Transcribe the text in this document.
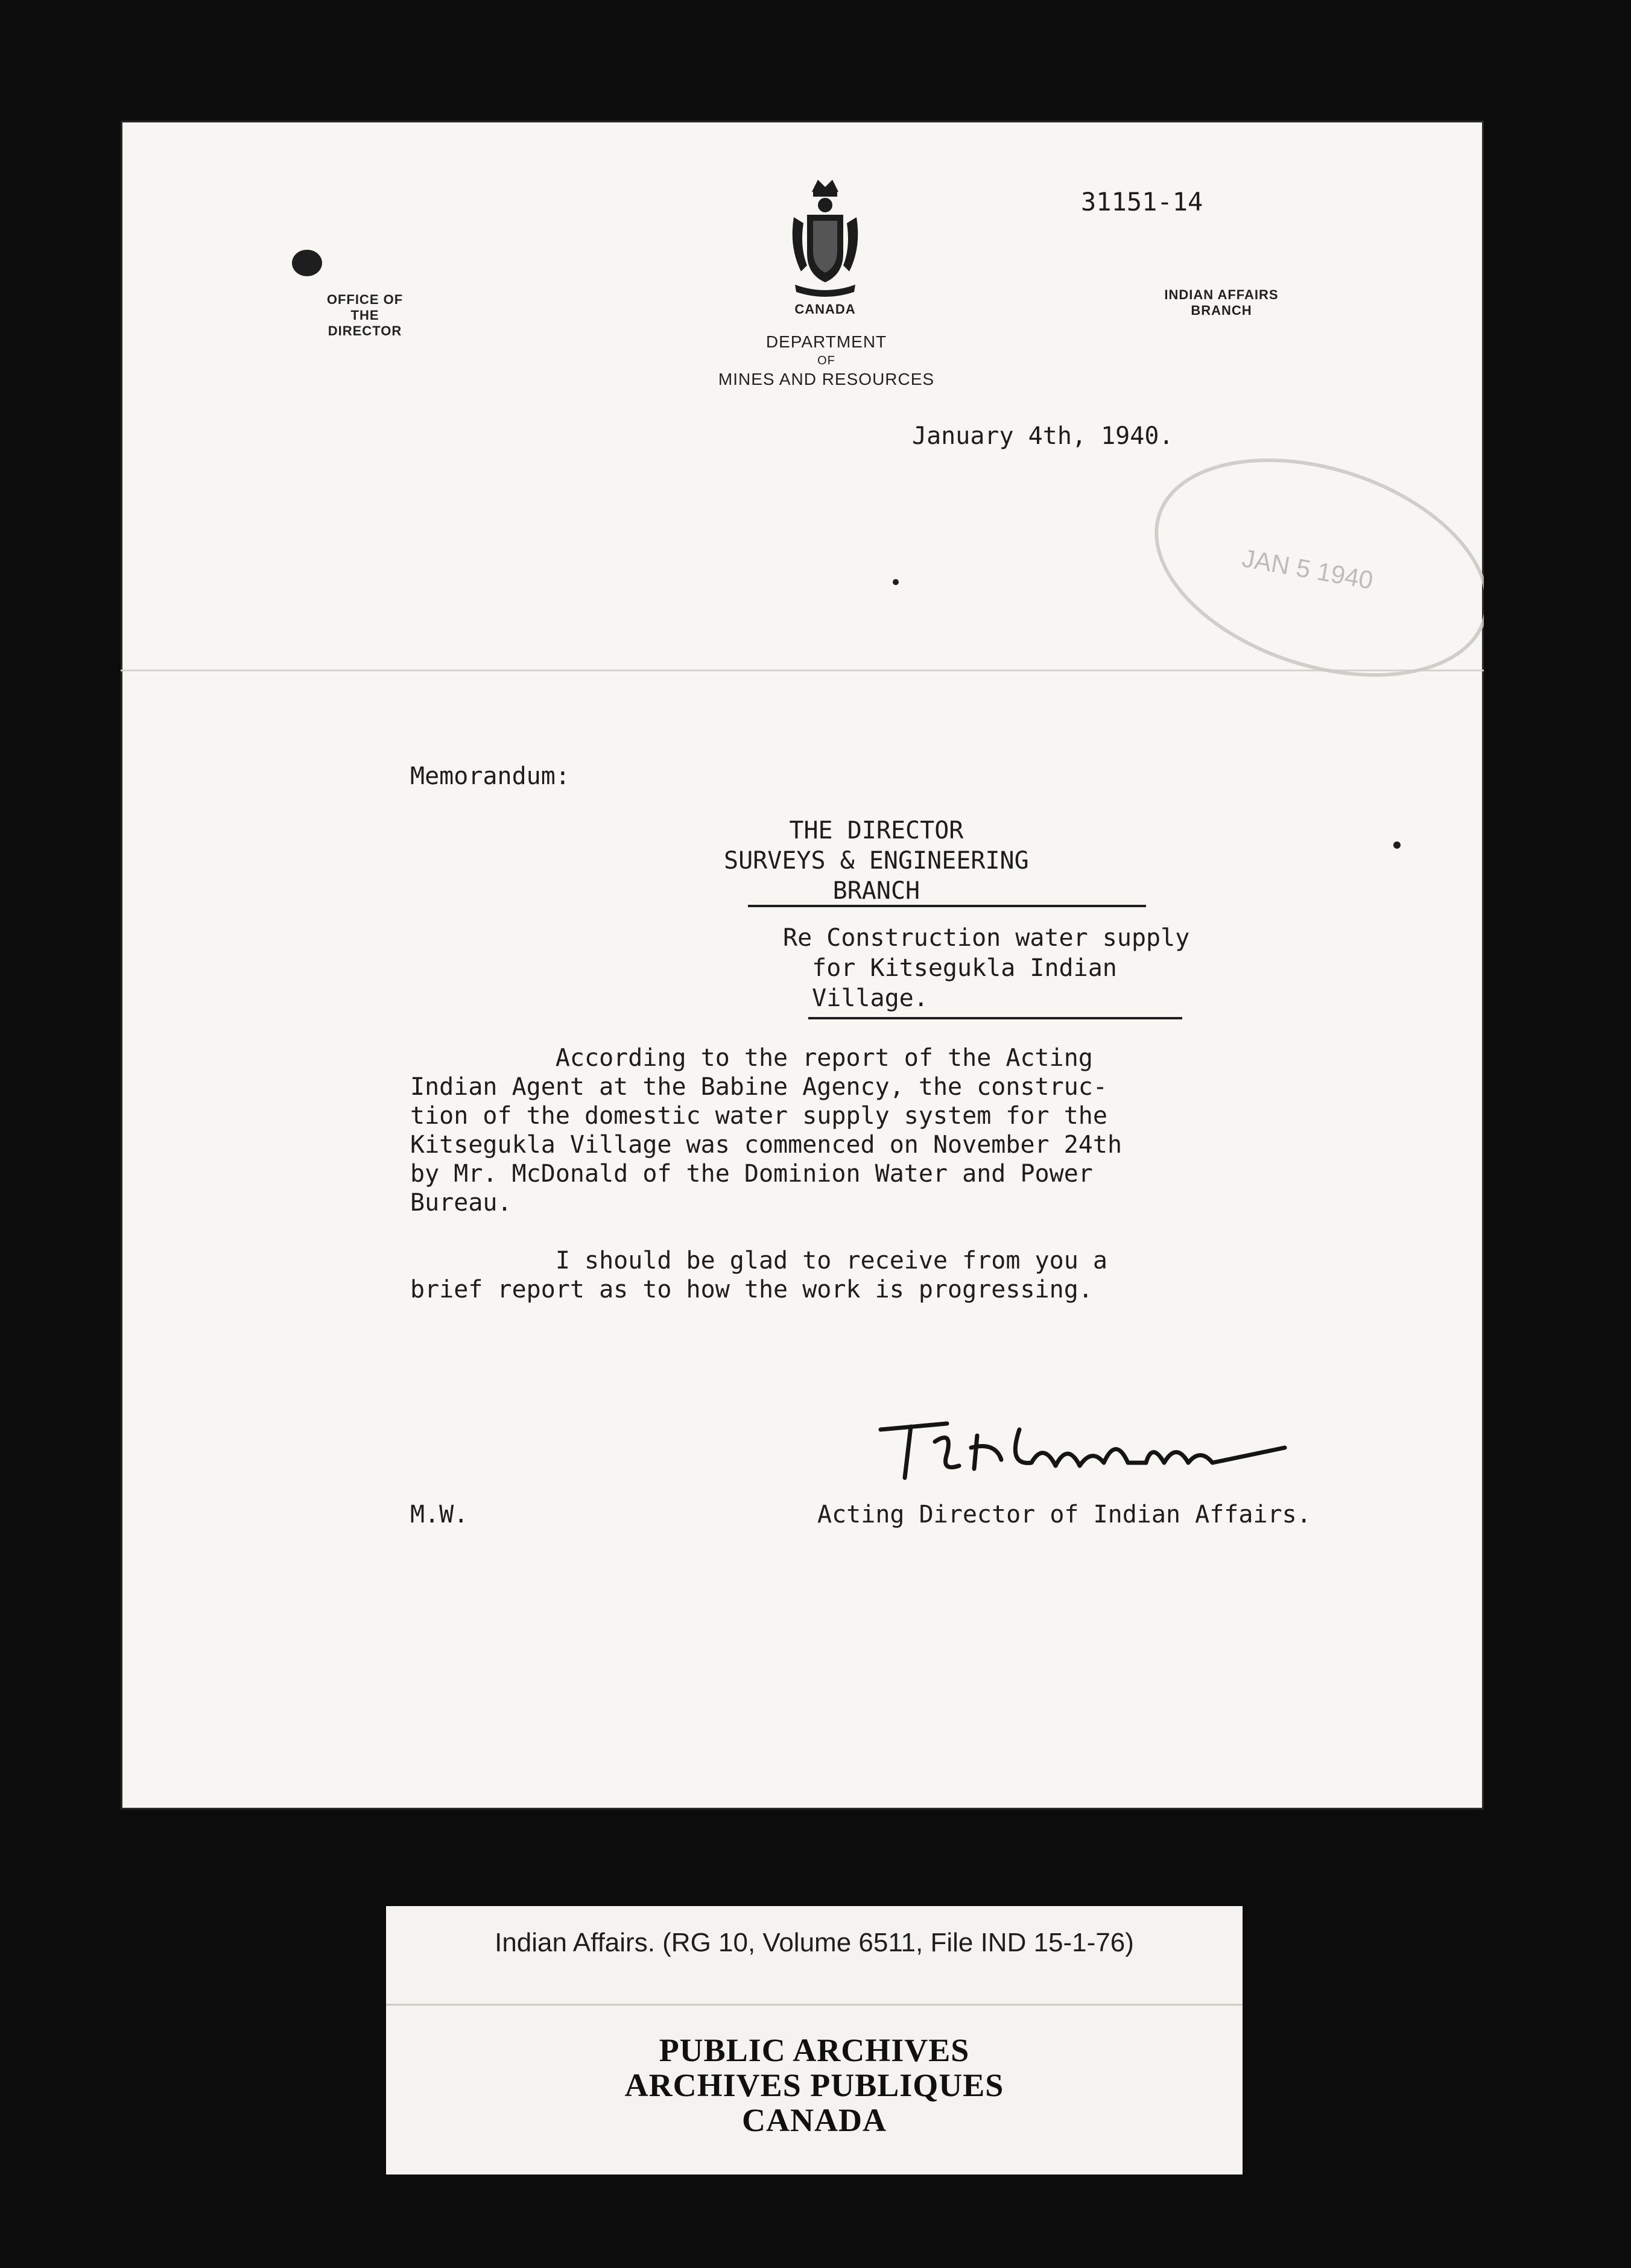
31151-14
OFFICE OF THE
DIRECTOR
CANADA
DEPARTMENT
OF
MINES AND RESOURCES
INDIAN AFFAIRS
BRANCH
January 4th, 1940.
JAN 5 1940
Memorandum:
THE DIRECTOR
SURVEYS & ENGINEERING
BRANCH
Re Construction water supply
for Kitsegukla Indian
Village.
According to the report of the Acting
Indian Agent at the Babine Agency, the construc-
tion of the domestic water supply system for the
Kitsegukla Village was commenced on November 24th
by Mr. McDonald of the Dominion Water and Power
Bureau.

I should be glad to receive from you a
brief report as to how the work is progressing.
M.W.	Acting Director of Indian Affairs.
Indian Affairs. (RG 10, Volume 6511, File IND 15-1-76)
PUBLIC ARCHIVES
ARCHIVES PUBLIQUES
CANADA
